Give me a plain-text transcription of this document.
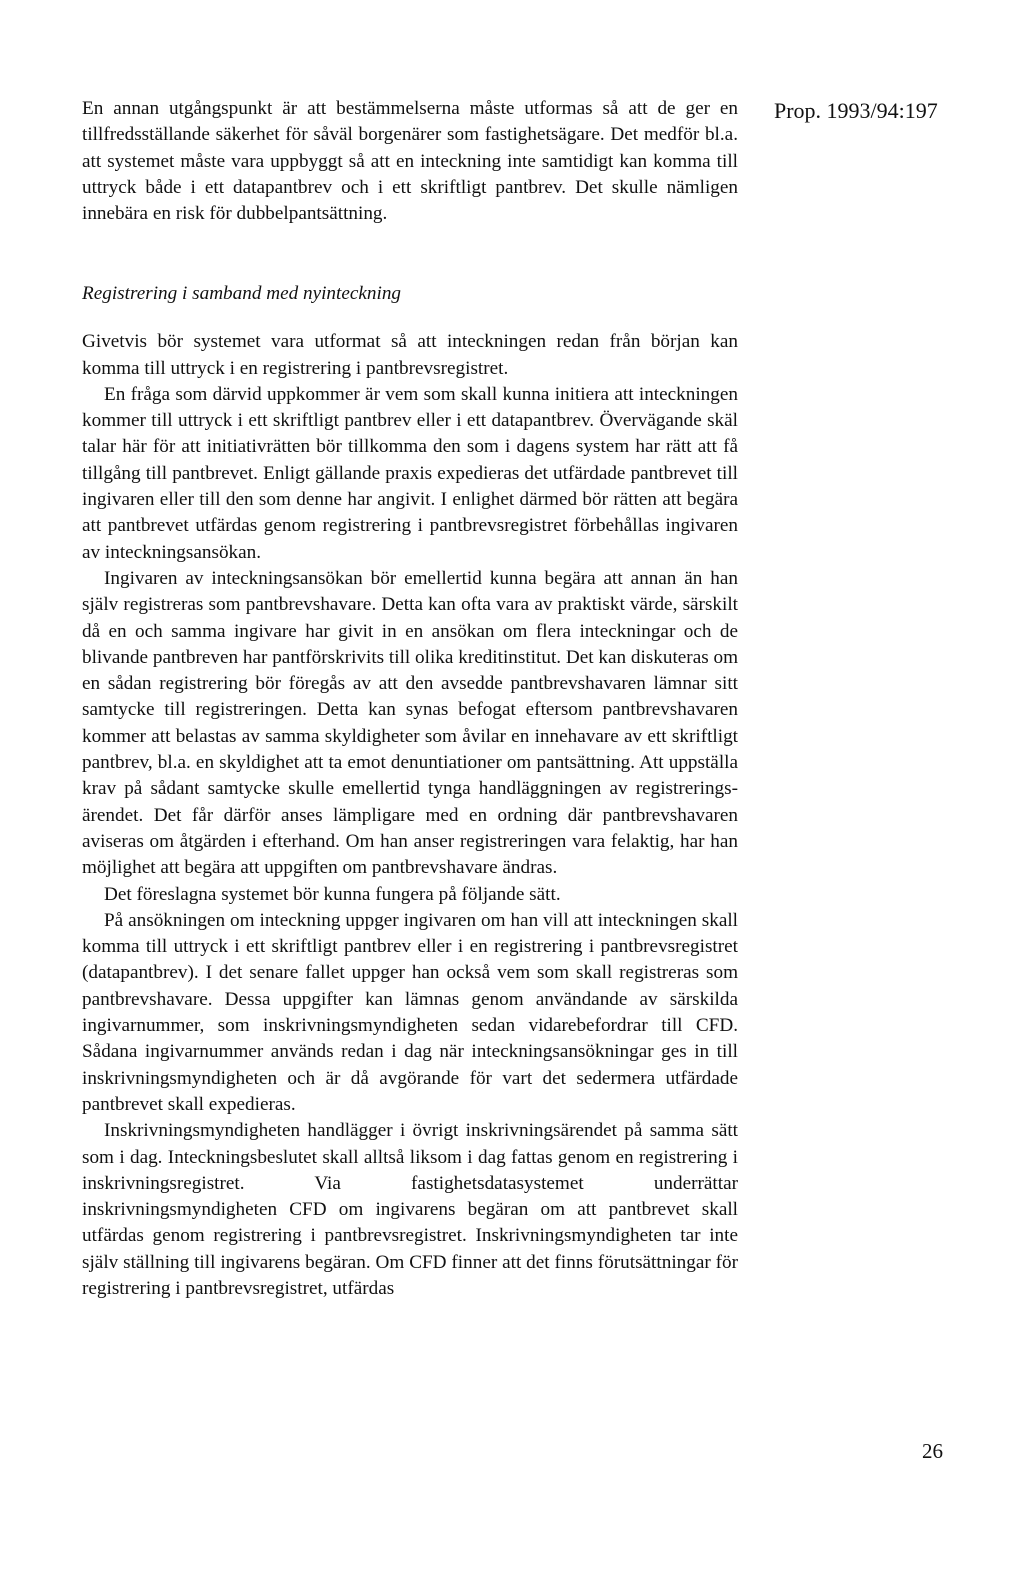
Prop. 1993/94:197

En annan utgångspunkt är att bestämmelserna måste utformas så att de ger en tillfredsställande säkerhet för såväl borgenärer som fastighetsägare. Det medför bl.a. att systemet måste vara uppbyggt så att en inteckning inte samtidigt kan komma till uttryck både i ett datapantbrev och i ett skriftligt pantbrev. Det skulle nämligen innebära en risk för dubbelpantsättning.

Registrering i samband med nyinteckning

Givetvis bör systemet vara utformat så att inteckningen redan från början kan komma till uttryck i en registrering i pantbrevsregistret.

En fråga som därvid uppkommer är vem som skall kunna initiera att inteckningen kommer till uttryck i ett skriftligt pantbrev eller i ett datapantbrev. Övervägande skäl talar här för att initiativrätten bör tillkomma den som i dagens system har rätt att få tillgång till pantbrevet. Enligt gällande praxis expedieras det utfärdade pantbrevet till ingivaren eller till den som denne har angivit. I enlighet därmed bör rätten att begära att pantbrevet utfärdas genom registrering i pantbrevsregistret förbehållas ingivaren av inteckningsansökan.

Ingivaren av inteckningsansökan bör emellertid kunna begära att annan än han själv registreras som pantbrevshavare. Detta kan ofta vara av praktiskt värde, särskilt då en och samma ingivare har givit in en ansökan om flera inteckningar och de blivande pantbreven har pantförskrivits till olika kreditinstitut. Det kan diskuteras om en sådan registrering bör föregås av att den avsedde pantbrevshavaren lämnar sitt samtycke till registreringen. Detta kan synas befogat eftersom pantbrevshavaren kommer att belastas av samma skyldigheter som åvilar en innehavare av ett skriftligt pantbrev, bl.a. en skyldighet att ta emot denuntiationer om pantsättning. Att uppställa krav på sådant samtycke skulle emellertid tynga handläggningen av registreringsärendet. Det får därför anses lämpligare med en ordning där pantbrevshavaren aviseras om åtgärden i efterhand. Om han anser registreringen vara felaktig, har han möjlighet att begära att uppgiften om pantbrevshavare ändras.

Det föreslagna systemet bör kunna fungera på följande sätt.

På ansökningen om inteckning uppger ingivaren om han vill att inteckningen skall komma till uttryck i ett skriftligt pantbrev eller i en registrering i pantbrevsregistret (datapantbrev). I det senare fallet uppger han också vem som skall registreras som pantbrevshavare. Dessa uppgifter kan lämnas genom användande av särskilda ingivarnummer, som inskrivningsmyndigheten sedan vidarebefordrar till CFD. Sådana ingivarnummer används redan i dag när inteckningsansökningar ges in till inskrivningsmyndigheten och är då avgörande för vart det sedermera utfärdade pantbrevet skall expedieras.

Inskrivningsmyndigheten handlägger i övrigt inskrivningsärendet på samma sätt som i dag. Inteckningsbeslutet skall alltså liksom i dag fattas genom en registrering i inskrivningsregistret. Via fastighetsdatasystemet underrättar inskrivningsmyndigheten CFD om ingivarens begäran om att pantbrevet skall utfärdas genom registrering i pantbrevsregistret. Inskrivningsmyndigheten tar inte själv ställning till ingivarens begäran. Om CFD finner att det finns förutsättningar för registrering i pantbrevsregistret, utfärdas

26
